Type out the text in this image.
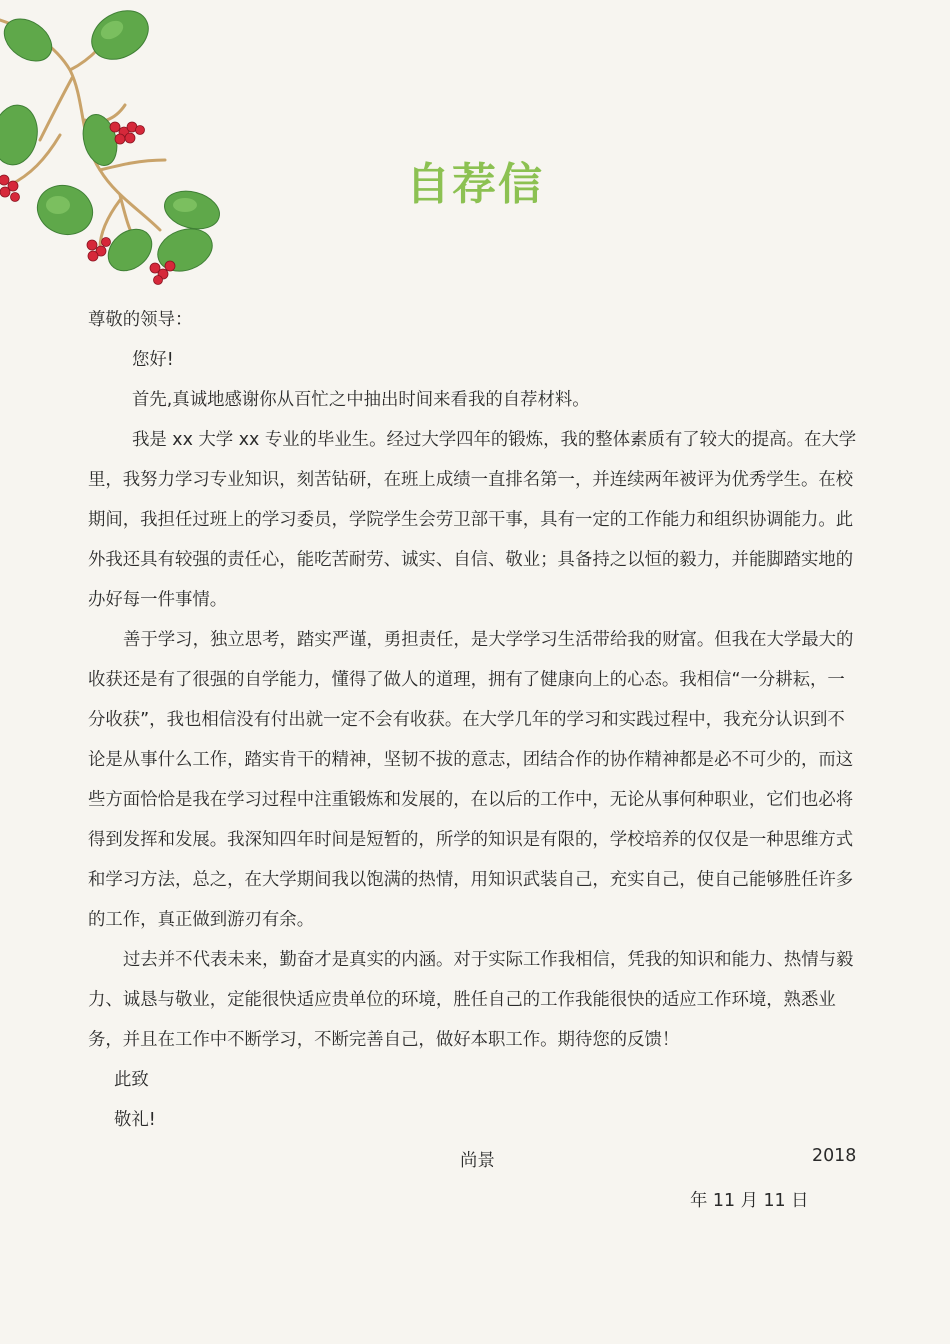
自荐信
尊敬的领导：
您好!
首先,真诚地感谢你从百忙之中抽出时间来看我的自荐材料。
我是 xx 大学 xx 专业的毕业生。经过大学四年的锻炼，我的整体素质有了较大的提高。在大学
里，我努力学习专业知识，刻苦钻研，在班上成绩一直排名第一，并连续两年被评为优秀学生。在校
期间，我担任过班上的学习委员，学院学生会劳卫部干事，具有一定的工作能力和组织协调能力。此
外我还具有较强的责任心，能吃苦耐劳、诚实、自信、敬业；具备持之以恒的毅力，并能脚踏实地的
办好每一件事情。
善于学习，独立思考，踏实严谨，勇担责任，是大学学习生活带给我的财富。但我在大学最大的
收获还是有了很强的自学能力，懂得了做人的道理，拥有了健康向上的心态。我相信“一分耕耘，一
分收获”，我也相信没有付出就一定不会有收获。在大学几年的学习和实践过程中，我充分认识到不
论是从事什么工作，踏实肯干的精神，坚韧不拔的意志，团结合作的协作精神都是必不可少的，而这
些方面恰恰是我在学习过程中注重锻炼和发展的，在以后的工作中，无论从事何种职业，它们也必将
得到发挥和发展。我深知四年时间是短暂的，所学的知识是有限的，学校培养的仅仅是一种思维方式
和学习方法，总之，在大学期间我以饱满的热情，用知识武装自己，充实自己，使自己能够胜任许多
的工作，真正做到游刃有余。
过去并不代表未来，勤奋才是真实的内涵。对于实际工作我相信，凭我的知识和能力、热情与毅
力、诚恳与敬业，定能很快适应贵单位的环境，胜任自己的工作我能很快的适应工作环境，熟悉业
务，并且在工作中不断学习，不断完善自己，做好本职工作。期待您的反馈！
此致
敬礼!
尚景	2018
年 11 月 11 日
